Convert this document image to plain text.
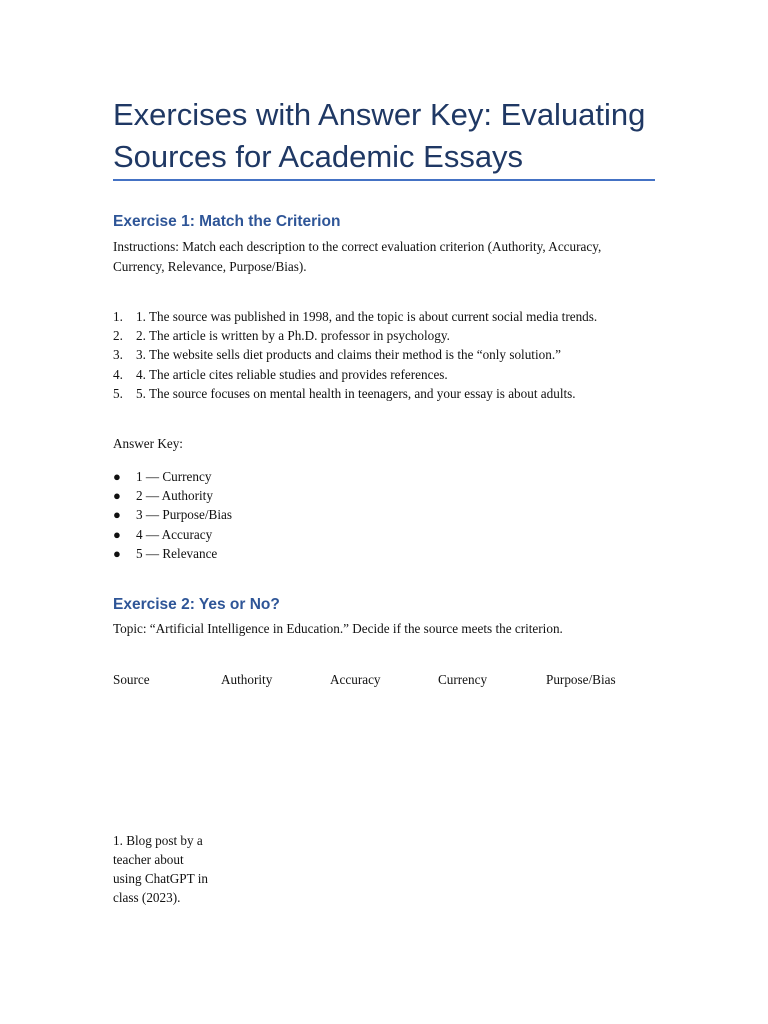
Exercises with Answer Key: Evaluating Sources for Academic Essays
Exercise 1: Match the Criterion

Instructions: Match each description to the correct evaluation criterion (Authority, Accuracy, Currency, Relevance, Purpose/Bias).

1. 1. The source was published in 1998, and the topic is about current social media trends.
2. 2. The article is written by a Ph.D. professor in psychology.
3. 3. The website sells diet products and claims their method is the “only solution.”
4. 4. The article cites reliable studies and provides references.
5. 5. The source focuses on mental health in teenagers, and your essay is about adults.

Answer Key:

● 1 — Currency
● 2 — Authority
● 3 — Purpose/Bias
● 4 — Accuracy
● 5 — Relevance
Exercise 2: Yes or No?

Topic: “Artificial Intelligence in Education.” Decide if the source meets the criterion.

Source	Authority	Accuracy	Currency	Purpose/Bias
1. Blog post by a teacher about using ChatGPT in class (2023).
